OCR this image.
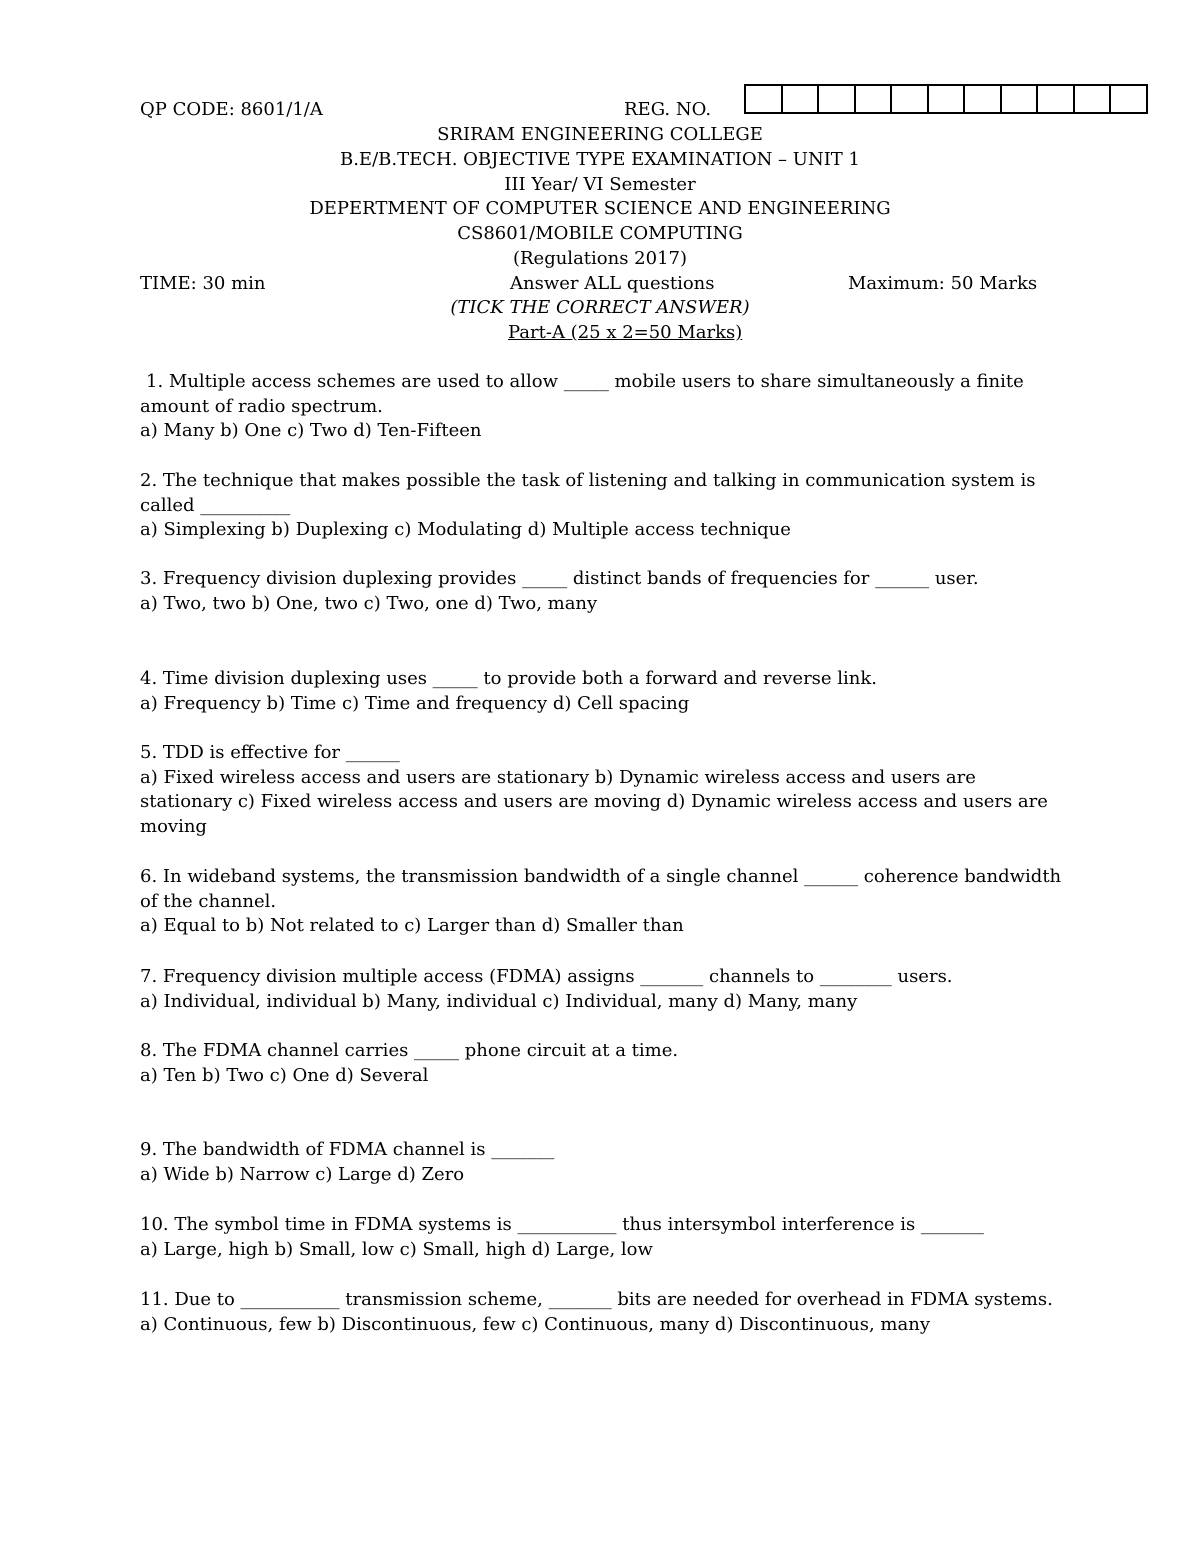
QP CODE: 8601/1/A	REG. NO.
SRIRAM ENGINEERING COLLEGE
B.E/B.TECH. OBJECTIVE TYPE EXAMINATION – UNIT 1
III Year/ VI Semester
DEPERTMENT OF COMPUTER SCIENCE AND ENGINEERING
CS8601/MOBILE COMPUTING
(Regulations 2017)
TIME: 30 min	Answer ALL questions	Maximum: 50 Marks
(TICK THE CORRECT ANSWER)
Part-A (25 x 2=50 Marks)

1. Multiple access schemes are used to allow _____ mobile users to share simultaneously a finite amount of radio spectrum.

a) Many b) One c) Two d) Ten-Fifteen

2. The technique that makes possible the task of listening and talking in communication system is called __________

a) Simplexing b) Duplexing c) Modulating d) Multiple access technique

3. Frequency division duplexing provides _____ distinct bands of frequencies for ______ user.

a) Two, two b) One, two c) Two, one d) Two, many

4. Time division duplexing uses _____ to provide both a forward and reverse link.

a) Frequency b) Time c) Time and frequency d) Cell spacing

5. TDD is effective for ______

a) Fixed wireless access and users are stationary b) Dynamic wireless access and users are stationary c) Fixed wireless access and users are moving d) Dynamic wireless access and users are moving

6. In wideband systems, the transmission bandwidth of a single channel ______ coherence bandwidth of the channel.

a) Equal to b) Not related to c) Larger than d) Smaller than

7. Frequency division multiple access (FDMA) assigns _______ channels to ________ users.

a) Individual, individual b) Many, individual c) Individual, many d) Many, many

8. The FDMA channel carries _____ phone circuit at a time.

a) Ten b) Two c) One d) Several

9. The bandwidth of FDMA channel is _______

a) Wide b) Narrow c) Large d) Zero

10. The symbol time in FDMA systems is ___________ thus intersymbol interference is _______

a) Large, high b) Small, low c) Small, high d) Large, low

11. Due to ___________ transmission scheme, _______ bits are needed for overhead in FDMA systems.

a) Continuous, few b) Discontinuous, few c) Continuous, many d) Discontinuous, many
